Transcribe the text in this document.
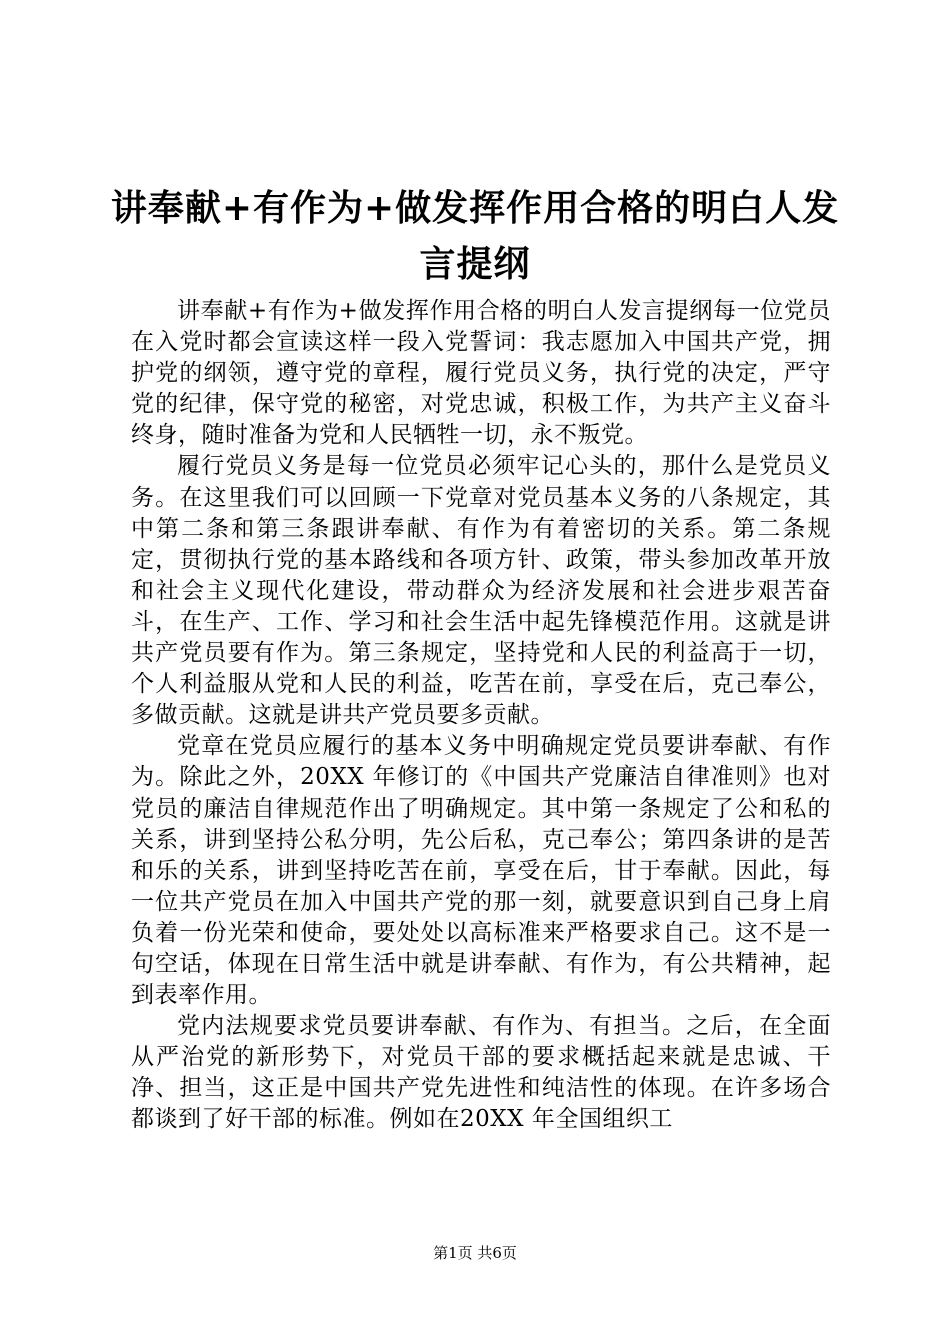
讲奉献+有作为+做发挥作用合格的明白人发言提纲

讲奉献+有作为+做发挥作用合格的明白人发言提纲每一位党员在入党时都会宣读这样一段入党誓词：我志愿加入中国共产党，拥护党的纲领，遵守党的章程，履行党员义务，执行党的决定，严守党的纪律，保守党的秘密，对党忠诚，积极工作，为共产主义奋斗终身，随时准备为党和人民牺牲一切，永不叛党。

履行党员义务是每一位党员必须牢记心头的，那什么是党员义务。在这里我们可以回顾一下党章对党员基本义务的八条规定，其中第二条和第三条跟讲奉献、有作为有着密切的关系。第二条规定，贯彻执行党的基本路线和各项方针、政策，带头参加改革开放和社会主义现代化建设，带动群众为经济发展和社会进步艰苦奋斗，在生产、工作、学习和社会生活中起先锋模范作用。这就是讲共产党员要有作为。第三条规定，坚持党和人民的利益高于一切，个人利益服从党和人民的利益，吃苦在前，享受在后，克己奉公，多做贡献。这就是讲共产党员要多贡献。

党章在党员应履行的基本义务中明确规定党员要讲奉献、有作为。除此之外，20XX 年修订的《中国共产党廉洁自律准则》也对党员的廉洁自律规范作出了明确规定。其中第一条规定了公和私的关系，讲到坚持公私分明，先公后私，克己奉公；第四条讲的是苦和乐的关系，讲到坚持吃苦在前，享受在后，甘于奉献。因此，每一位共产党员在加入中国共产党的那一刻，就要意识到自己身上肩负着一份光荣和使命，要处处以高标准来严格要求自己。这不是一句空话，体现在日常生活中就是讲奉献、有作为，有公共精神，起到表率作用。

党内法规要求党员要讲奉献、有作为、有担当。之后，在全面从严治党的新形势下，对党员干部的要求概括起来就是忠诚、干净、担当，这正是中国共产党先进性和纯洁性的体现。在许多场合都谈到了好干部的标准。例如在20XX 年全国组织工

第1页 共6页
